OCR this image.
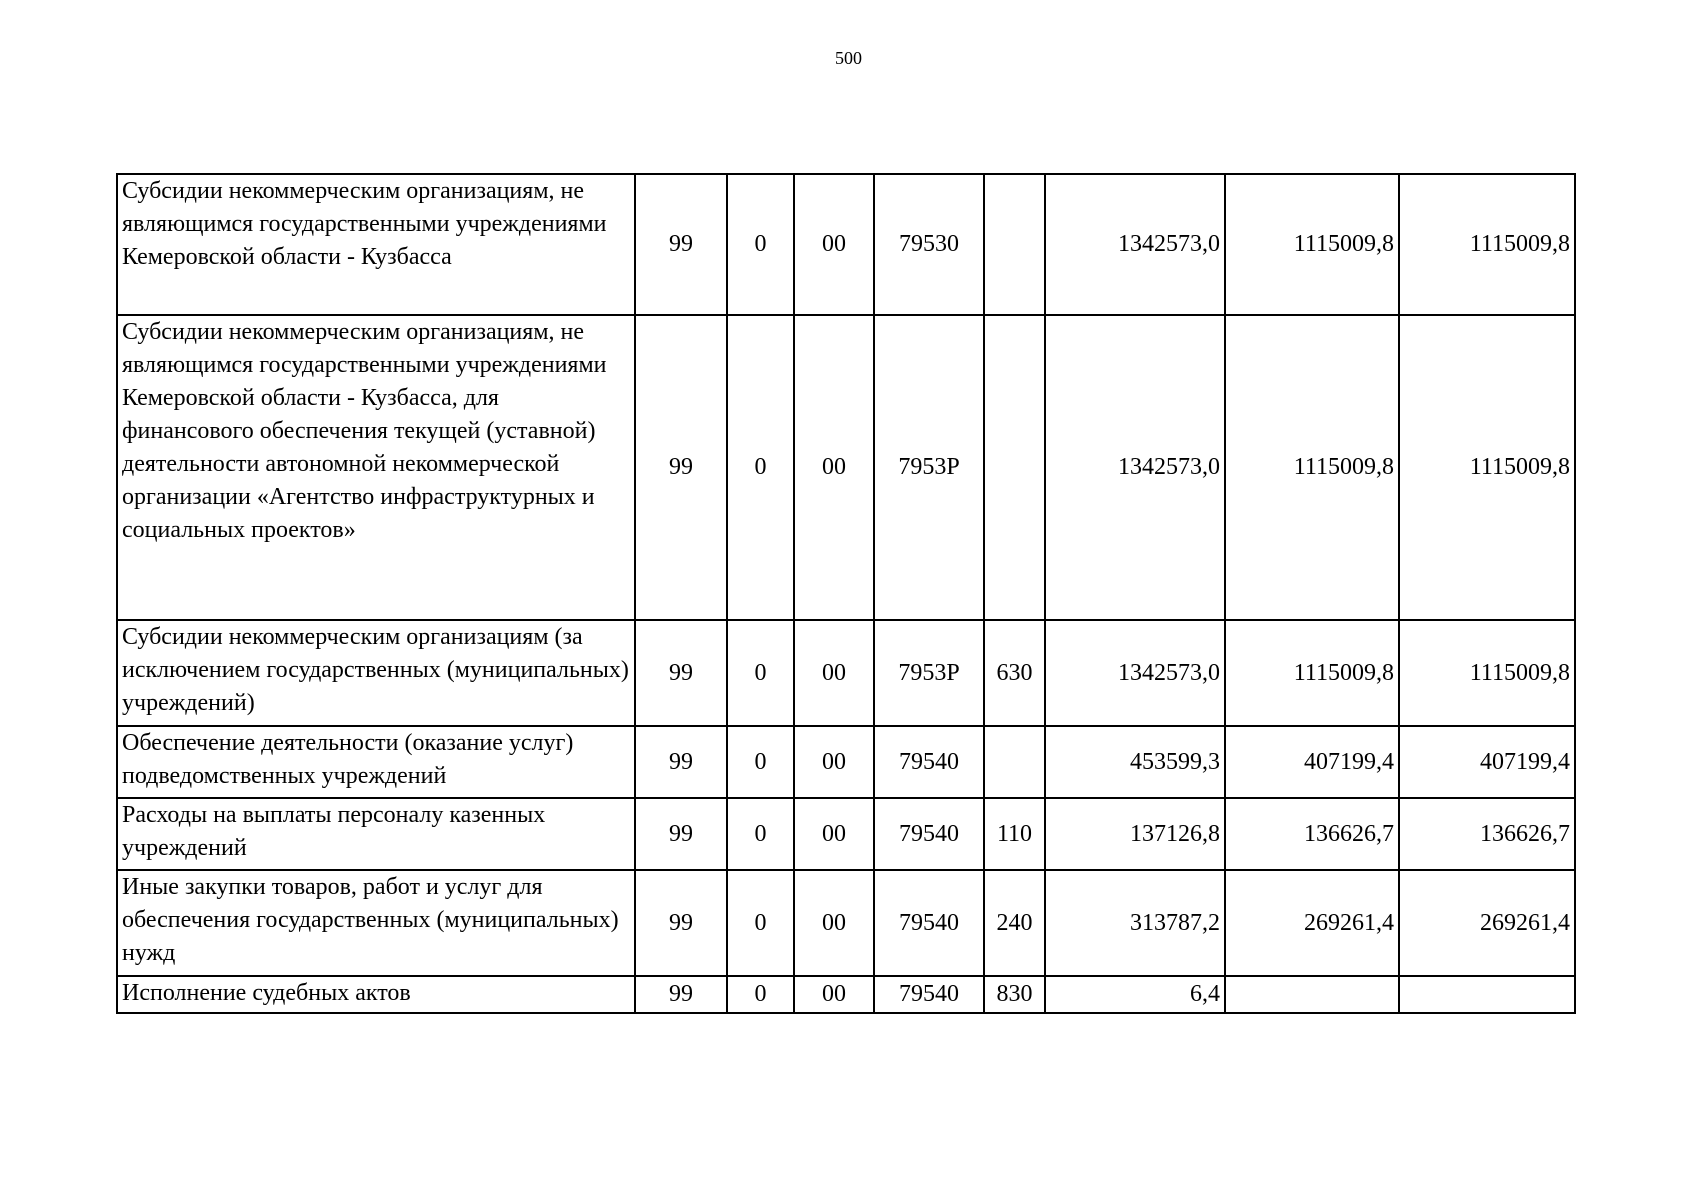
500
Субсидии некоммерческим организациям, не являющимся государственными учреждениями Кемеровской области - Кузбасса	99	0	00	79530		1342573,0	1115009,8	1115009,8
Субсидии некоммерческим организациям, не являющимся государственными учреждениями Кемеровской области - Кузбасса, для финансового обеспечения текущей (уставной) деятельности автономной некоммерческой организации «Агентство инфраструктурных и социальных проектов»	99	0	00	7953Р		1342573,0	1115009,8	1115009,8
Субсидии некоммерческим организациям (за исключением государственных (муниципальных) учреждений)	99	0	00	7953Р	630	1342573,0	1115009,8	1115009,8
Обеспечение деятельности (оказание услуг) подведомственных учреждений	99	0	00	79540		453599,3	407199,4	407199,4
Расходы на выплаты персоналу казенных учреждений	99	0	00	79540	110	137126,8	136626,7	136626,7
Иные закупки товаров, работ и услуг для обеспечения государственных (муниципальных) нужд	99	0	00	79540	240	313787,2	269261,4	269261,4
Исполнение судебных актов	99	0	00	79540	830	6,4		
